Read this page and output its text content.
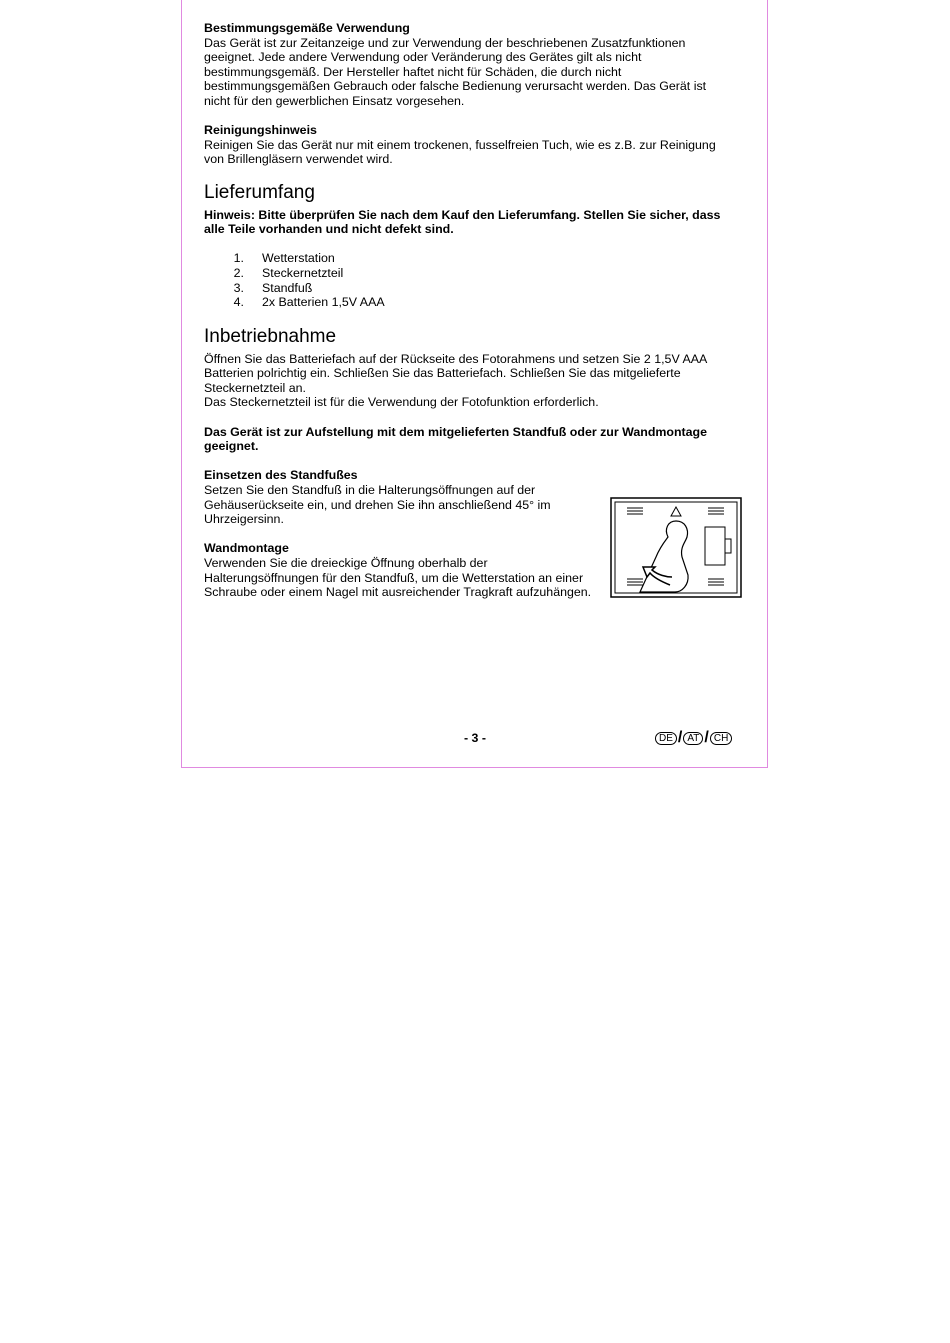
Bestimmungsgemäße Verwendung

Das Gerät ist zur Zeitanzeige und zur Verwendung der beschriebenen Zusatzfunktionen

geeignet. Jede andere Verwendung oder Veränderung des Gerätes gilt als nicht

bestimmungsgemäß. Der Hersteller haftet nicht für Schäden, die durch nicht

bestimmungsgemäßen Gebrauch oder falsche Bedienung verursacht werden. Das Gerät ist

nicht für den gewerblichen Einsatz vorgesehen.

Reinigungshinweis

Reinigen Sie das Gerät nur mit einem trockenen, fusselfreien Tuch, wie es z.B. zur Reinigung

von Brillengläsern verwendet wird.

Lieferumfang

Hinweis: Bitte überprüfen Sie nach dem Kauf den Lieferumfang. Stellen Sie sicher, dass

alle Teile vorhanden und nicht defekt sind.

1.	Wetterstation
2.	Steckernetzteil
3.	Standfuß
4.	2x Batterien 1,5V AAA
Inbetriebnahme

Öffnen Sie das Batteriefach auf der Rückseite des Fotorahmens und setzen Sie 2 1,5V AAA

Batterien polrichtig ein. Schließen Sie das Batteriefach. Schließen Sie das mitgelieferte

Steckernetzteil an.

Das Steckernetzteil ist für die Verwendung der Fotofunktion erforderlich.

Das Gerät ist zur Aufstellung mit dem mitgelieferten Standfuß oder zur Wandmontage

geeignet.

Einsetzen des Standfußes

Setzen Sie den Standfuß in die Halterungsöffnungen auf der

Gehäuserückseite ein, und drehen Sie ihn anschließend 45° im

Uhrzeigersinn.

Wandmontage

Verwenden Sie die dreieckige Öffnung oberhalb der

Halterungsöffnungen für den Standfuß, um die Wetterstation an einer

Schraube oder einem Nagel mit ausreichender Tragkraft aufzuhängen.

- 3 -	DE / AT / CH
